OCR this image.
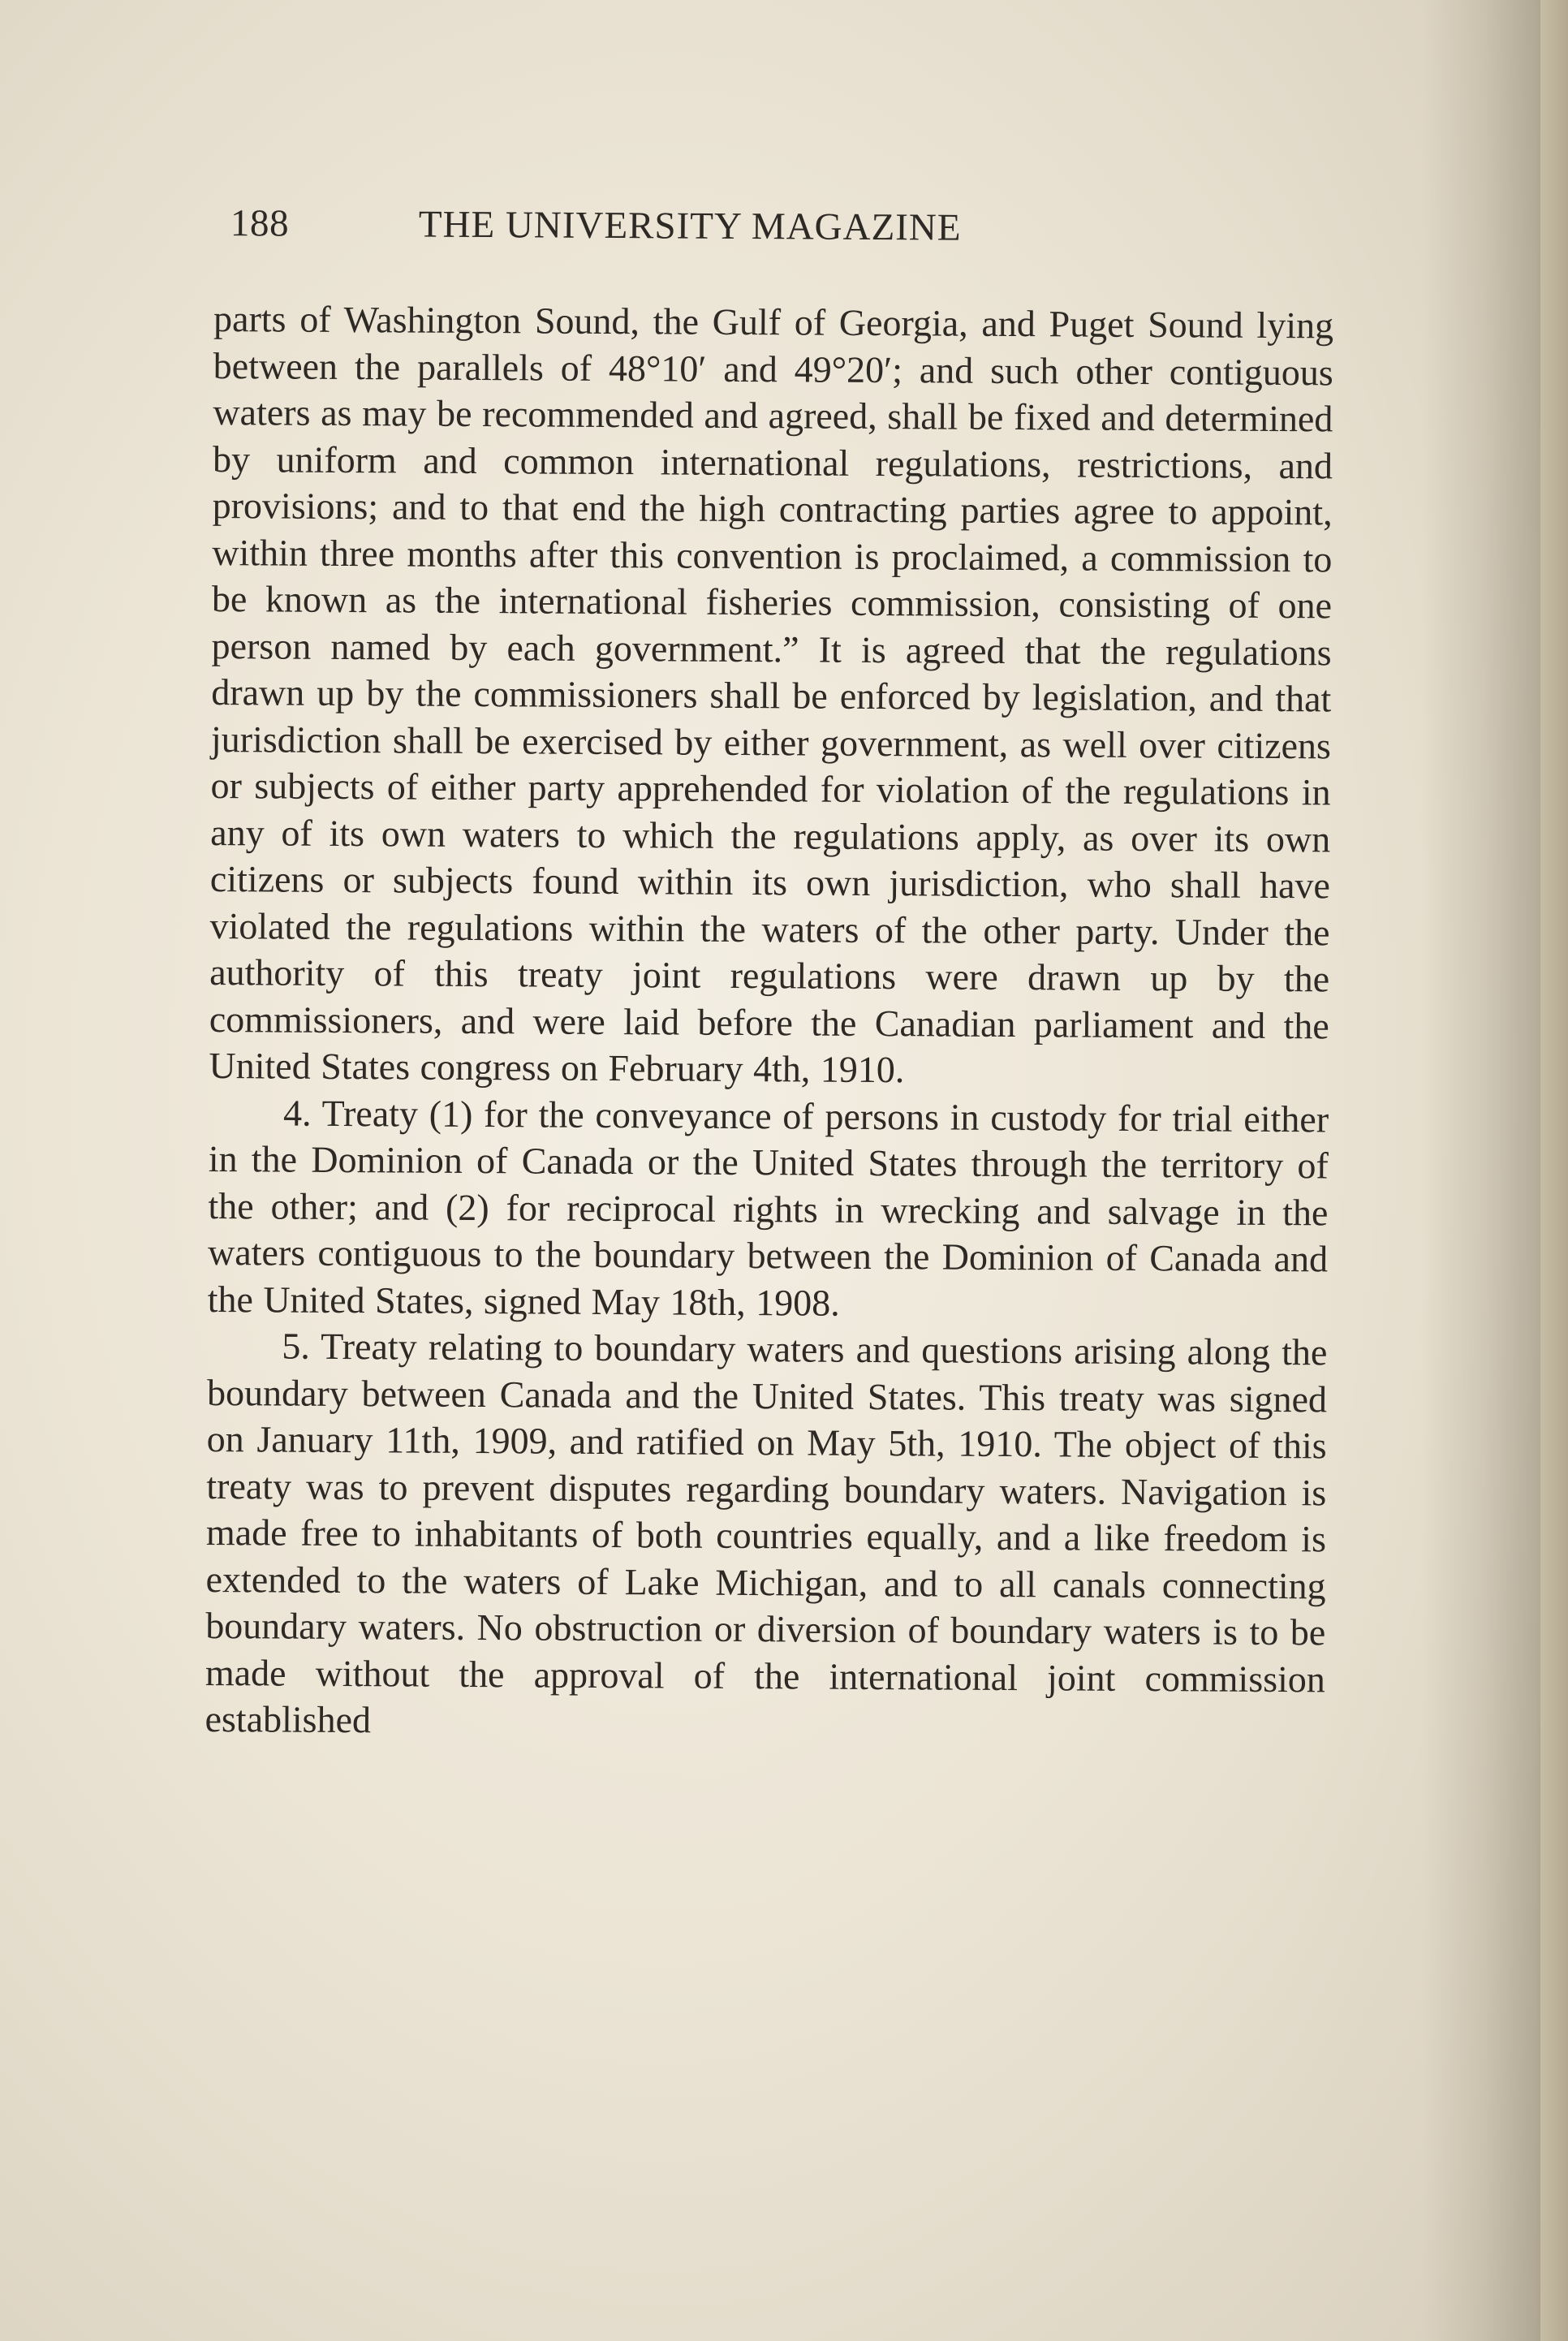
188	THE UNIVERSITY MAGAZINE

parts of Washington Sound, the Gulf of Georgia, and Puget Sound lying between the parallels of 48°10′ and 49°20′; and such other contiguous waters as may be recommended and agreed, shall be fixed and determined by uniform and common international regulations, restrictions, and provisions; and to that end the high contracting parties agree to appoint, within three months after this convention is proclaimed, a commission to be known as the international fisheries commission, consisting of one person named by each government.” It is agreed that the regulations drawn up by the commissioners shall be enforced by legislation, and that jurisdiction shall be exercised by either government, as well over citizens or subjects of either party apprehended for violation of the regulations in any of its own waters to which the regulations apply, as over its own citizens or subjects found within its own jurisdiction, who shall have violated the regulations within the waters of the other party. Under the authority of this treaty joint regulations were drawn up by the commissioners, and were laid before the Canadian parliament and the United States congress on February 4th, 1910.

4. Treaty (1) for the conveyance of persons in custody for trial either in the Dominion of Canada or the United States through the territory of the other; and (2) for reciprocal rights in wrecking and salvage in the waters contiguous to the boundary between the Dominion of Canada and the United States, signed May 18th, 1908.

5. Treaty relating to boundary waters and questions arising along the boundary between Canada and the United States. This treaty was signed on January 11th, 1909, and ratified on May 5th, 1910. The object of this treaty was to prevent disputes regarding boundary waters. Navigation is made free to inhabitants of both countries equally, and a like freedom is extended to the waters of Lake Michigan, and to all canals connecting boundary waters. No obstruction or diversion of boundary waters is to be made without the approval of the international joint commission established
